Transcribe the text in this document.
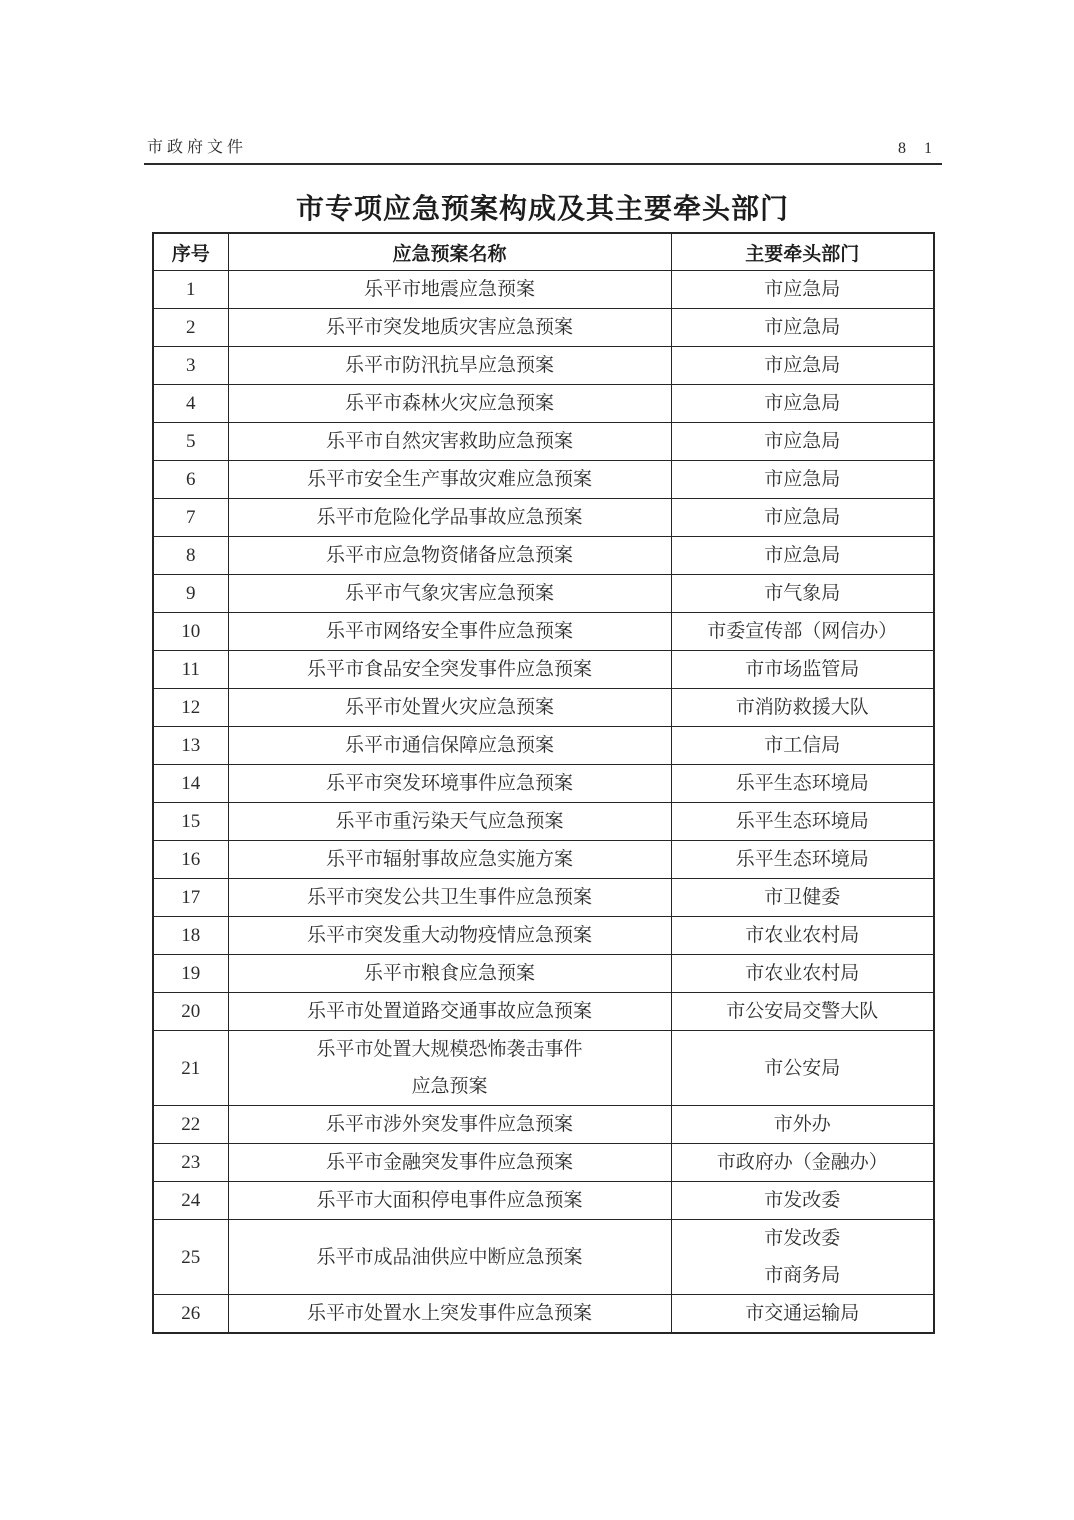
市政府文件	8 1
市专项应急预案构成及其主要牵头部门
序号	应急预案名称	主要牵头部门

1	乐平市地震应急预案	市应急局

2	乐平市突发地质灾害应急预案	市应急局

3	乐平市防汛抗旱应急预案	市应急局

4	乐平市森林火灾应急预案	市应急局

5	乐平市自然灾害救助应急预案	市应急局

6	乐平市安全生产事故灾难应急预案	市应急局

7	乐平市危险化学品事故应急预案	市应急局

8	乐平市应急物资储备应急预案	市应急局

9	乐平市气象灾害应急预案	市气象局

10	乐平市网络安全事件应急预案	市委宣传部（网信办）

11	乐平市食品安全突发事件应急预案	市市场监管局

12	乐平市处置火灾应急预案	市消防救援大队

13	乐平市通信保障应急预案	市工信局

14	乐平市突发环境事件应急预案	乐平生态环境局

15	乐平市重污染天气应急预案	乐平生态环境局

16	乐平市辐射事故应急实施方案	乐平生态环境局

17	乐平市突发公共卫生事件应急预案	市卫健委

18	乐平市突发重大动物疫情应急预案	市农业农村局

19	乐平市粮食应急预案	市农业农村局

20	乐平市处置道路交通事故应急预案	市公安局交警大队

21	乐平市处置大规模恐怖袭击事件
应急预案	市公安局

22	乐平市涉外突发事件应急预案	市外办

23	乐平市金融突发事件应急预案	市政府办（金融办）

24	乐平市大面积停电事件应急预案	市发改委

25	乐平市成品油供应中断应急预案	市发改委
市商务局

26	乐平市处置水上突发事件应急预案	市交通运输局
